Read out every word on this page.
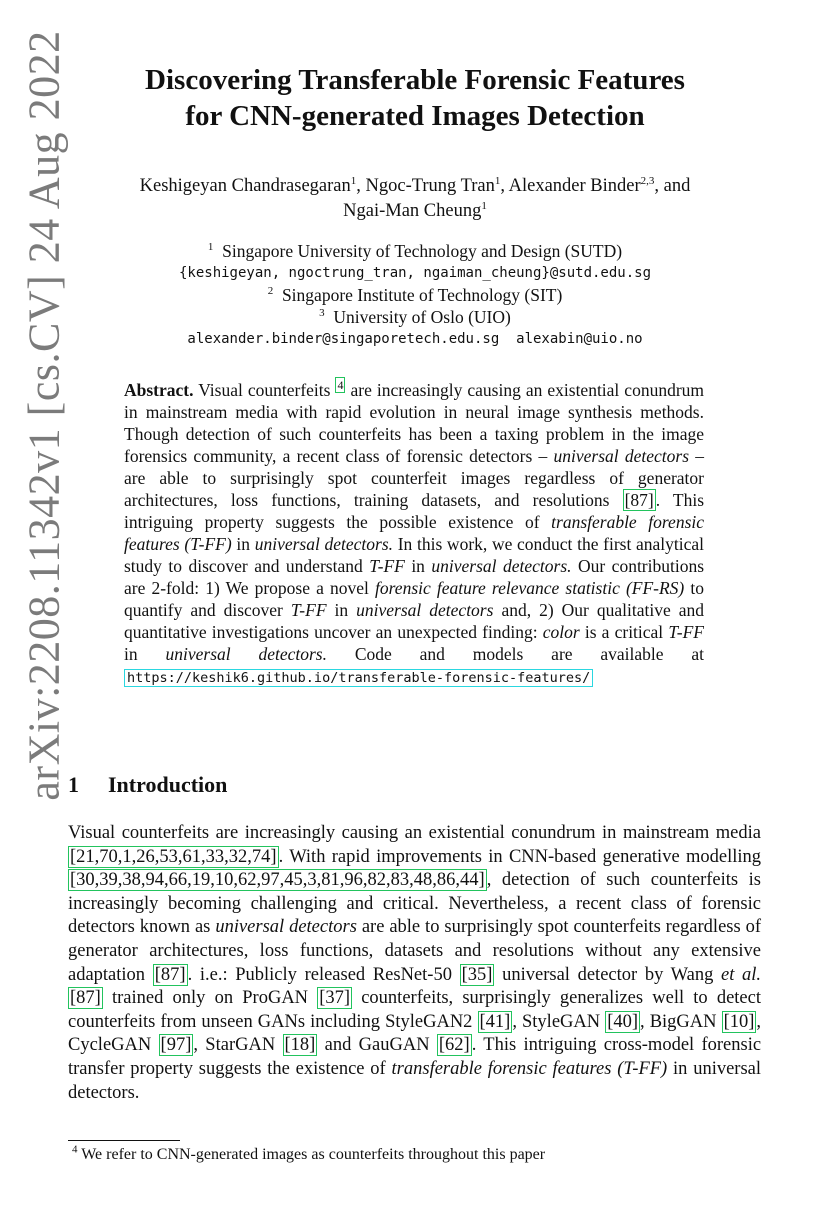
arXiv:2208.11342v1 [cs.CV] 24 Aug 2022	Discovering Transferable Forensic Features
for CNN-generated Images Detection
Keshigeyan Chandrasegaran$^1$, Ngoc-Trung Tran$^1$, Alexander Binder$^{2,3}$, and
Ngai-Man Cheung$^1$
$^1$ Singapore University of Technology and Design (SUTD)
{keshigeyan, ngoctrung_tran, ngaiman_cheung}@sutd.edu.sg
$^2$ Singapore Institute of Technology (SIT)
$^3$ University of Oslo (UIO)
alexander.binder@singaporetech.edu.sg alexabin@uio.no
Abstract. Visual counterfeits $^4$ are increasingly causing an existential conundrum in mainstream media with rapid evolution in neural image synthesis methods. Though detection of such counterfeits has been a taxing problem in the image forensics community, a recent class of forensic detectors – universal detectors – are able to surprisingly spot counterfeit images regardless of generator architectures, loss functions, training datasets, and resolutions [87] . This intriguing property suggests the possible existence of transferable forensic features (T-FF) in universal detectors. In this work, we conduct the first analytical study to discover and understand T-FF in universal detectors. Our contributions are 2-fold: 1) We propose a novel forensic feature relevance statistic (FF-RS) to quantify and discover T-FF in universal detectors and, 2) Our qualitative and quantitative investigations uncover an unexpected finding: color is a critical T-FF in universal detectors. Code and models are available at https://keshik6.github.io/transferable-forensic-features/
1 Introduction
Visual counterfeits are increasingly causing an existential conundrum in mainstream media [21,70,1,26,53,61,33,32,74] . With rapid improvements in CNN-based generative modelling [30,39,38,94,66,19,10,62,97,45,3,81,96,82,83,48,86,44] , detection of such counterfeits is increasingly becoming challenging and critical. Nevertheless, a recent class of forensic detectors known as universal detectors are able to surprisingly spot counterfeits regardless of generator architectures, loss functions, datasets and resolutions without any extensive adaptation [87] . i.e.: Publicly released ResNet-50 [35] universal detector by Wang et al. [87] trained only on ProGAN [37] counterfeits, surprisingly generalizes well to detect counterfeits from unseen GANs including StyleGAN2 [41] , StyleGAN [40] , BigGAN [10] , CycleGAN [97] , StarGAN [18] and GauGAN [62] . This intriguing cross-model forensic transfer property suggests the existence of transferable forensic features (T-FF) in universal detectors.
$^4$ We refer to CNN-generated images as counterfeits throughout this paper
